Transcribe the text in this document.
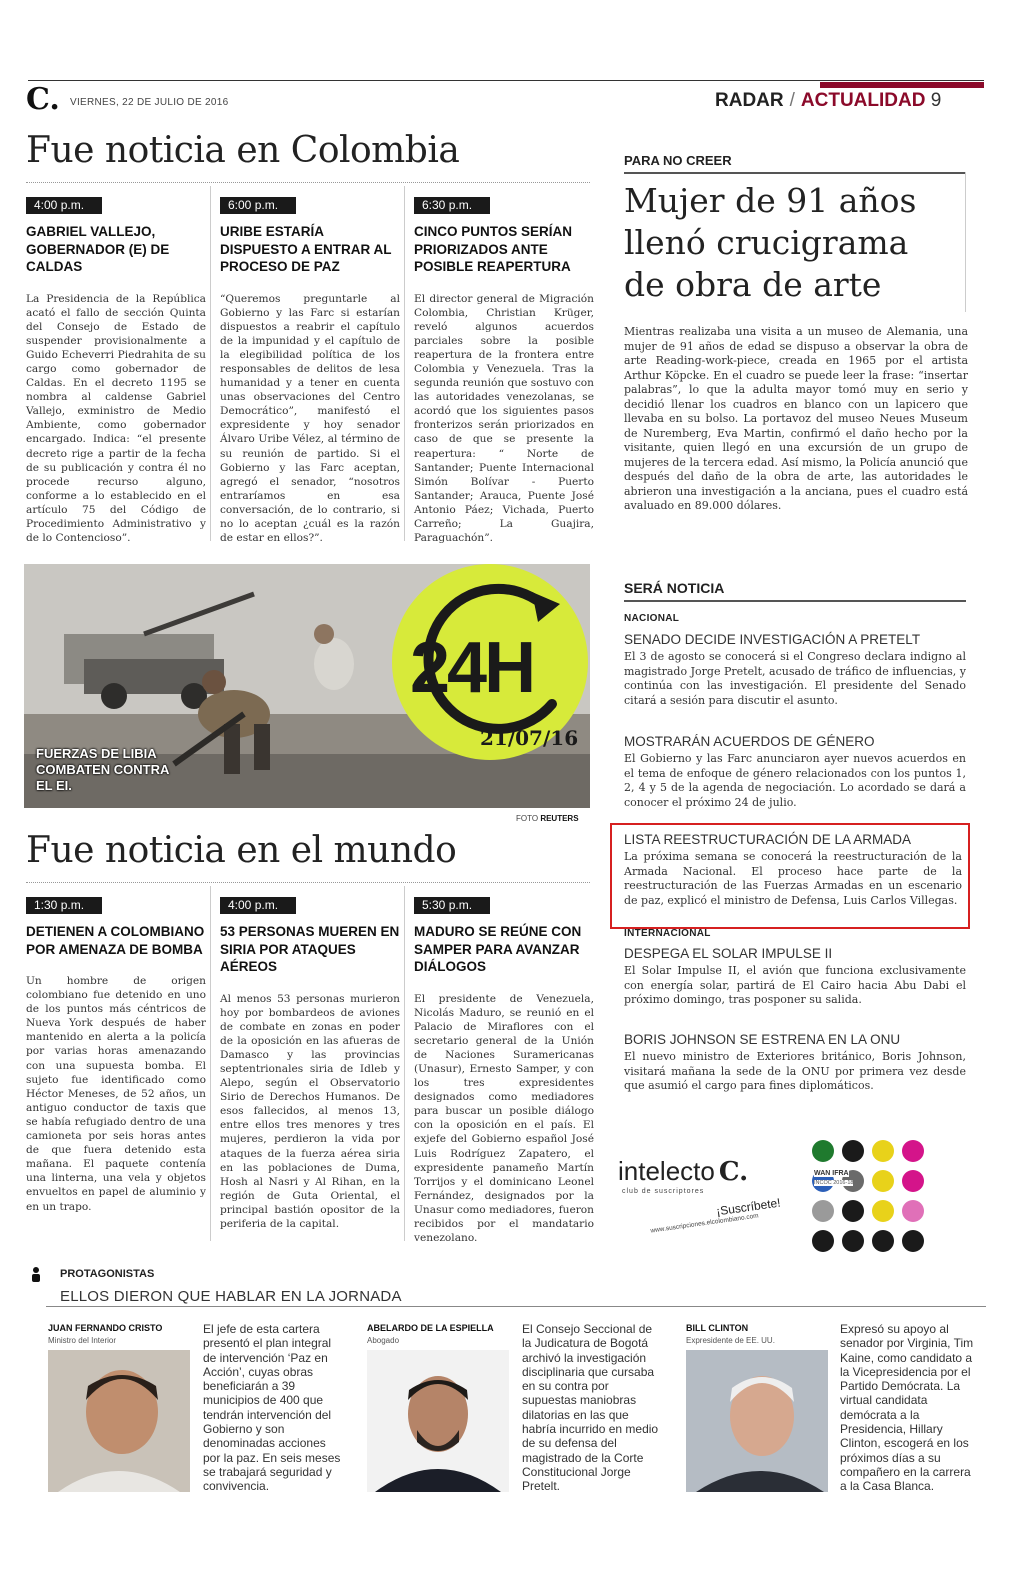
C. VIERNES, 22 DE JULIO DE 2016	RADAR / ACTUALIDAD 9
Fue noticia en Colombia
4:00 p.m.
GABRIEL VALLEJO, GOBERNADOR (E) DE CALDAS
La Presidencia de la República acató el fallo de sección Quinta del Consejo de Estado de suspender provisionalmente a Guido Echeverri Piedrahita de su cargo como gobernador de Caldas. En el decreto 1195 se nombra al caldense Gabriel Vallejo, exministro de Medio Ambiente, como gobernador encargado. Indica: “el presente decreto rige a partir de la fecha de su publicación y contra él no procede recurso alguno, conforme a lo establecido en el artículo 75 del Código de Procedimiento Administrativo y de lo Contencioso”.
6:00 p.m.
URIBE ESTARÍA DISPUESTO A ENTRAR AL PROCESO DE PAZ
“Queremos preguntarle al Gobierno y las Farc si estarían dispuestos a reabrir el capítulo de la impunidad y el capítulo de la elegibilidad política de los responsables de delitos de lesa humanidad y a tener en cuenta unas observaciones del Centro Democrático”, manifestó el expresidente y hoy senador Álvaro Uribe Vélez, al término de su reunión de partido. Si el Gobierno y las Farc aceptan, agregó el senador, “nosotros entraríamos en esa conversación, de lo contrario, si no lo aceptan ¿cuál es la razón de estar en ellos?”.
6:30 p.m.
CINCO PUNTOS SERÍAN PRIORIZADOS ANTE POSIBLE REAPERTURA
El director general de Migración Colombia, Christian Krüger, reveló algunos acuerdos parciales sobre la posible reapertura de la frontera entre Colombia y Venezuela. Tras la segunda reunión que sostuvo con las autoridades venezolanas, se acordó que los siguientes pasos fronterizos serán priorizados en caso de que se presente la reapertura: “ Norte de Santander; Puente Internacional Simón Bolívar - Puerto Santander; Arauca, Puente José Antonio Páez; Vichada, Puerto Carreño; La Guajira, Paraguachón”.
PARA NO CREER
Mujer de 91 años llenó crucigrama de obra de arte
Mientras realizaba una visita a un museo de Alemania, una mujer de 91 años de edad se dispuso a observar la obra de arte Reading-work-piece, creada en 1965 por el artista Arthur Köpcke. En el cuadro se puede leer la frase: “insertar palabras”, lo que la adulta mayor tomó muy en serio y decidió llenar los cuadros en blanco con un lapicero que llevaba en su bolso. La portavoz del museo Neues Museum de Nuremberg, Eva Martin, confirmó el daño hecho por la visitante, quien llegó en una excursión de un grupo de mujeres de la tercera edad. Así mismo, la Policía anunció que después del daño de la obra de arte, las autoridades le abrieron una investigación a la anciana, pues el cuadro está avaluado en 89.000 dólares.
24H
21/07/16
FUERZAS DE LIBIA COMBATEN CONTRA EL EI.
FOTO REUTERS
SERÁ NOTICIA
NACIONAL
SENADO DECIDE INVESTIGACIÓN A PRETELT
El 3 de agosto se conocerá si el Congreso declara indigno al magistrado Jorge Pretelt, acusado de tráfico de influencias, y continúa con las investigación. El presidente del Senado citará a sesión para discutir el asunto.
MOSTRARÁN ACUERDOS DE GÉNERO
El Gobierno y las Farc anunciaron ayer nuevos acuerdos en el tema de enfoque de género relacionados con los puntos 1, 2, 4 y 5 de la agenda de negociación. Lo acordado se dará a conocer el próximo 24 de julio.
LISTA REESTRUCTURACIÓN DE LA ARMADA
La próxima semana se conocerá la reestructuración de la Armada Nacional. El proceso hace parte de la reestructuración de las Fuerzas Armadas en un escenario de paz, explicó el ministro de Defensa, Luis Carlos Villegas.
INTERNACIONAL
DESPEGA EL SOLAR IMPULSE II
El Solar Impulse II, el avión que funciona exclusivamente con energía solar, partirá de El Cairo hacia Abu Dabi el próximo domingo, tras posponer su salida.
BORIS JOHNSON SE ESTRENA EN LA ONU
El nuevo ministro de Exteriores británico, Boris Johnson, visitará mañana la sede de la ONU por primera vez desde que asumió el cargo para fines diplomáticos.
Fue noticia en el mundo
1:30 p.m.
DETIENEN A COLOMBIANO POR AMENAZA DE BOMBA
Un hombre de origen colombiano fue detenido en uno de los puntos más céntricos de Nueva York después de haber mantenido en alerta a la policía por varias horas amenazando con una supuesta bomba. El sujeto fue identificado como Héctor Meneses, de 52 años, un antiguo conductor de taxis que se había refugiado dentro de una camioneta por seis horas antes de que fuera detenido esta mañana. El paquete contenía una linterna, una vela y objetos envueltos en papel de aluminio y en un trapo.
4:00 p.m.
53 PERSONAS MUEREN EN SIRIA POR ATAQUES AÉREOS
Al menos 53 personas murieron hoy por bombardeos de aviones de combate en zonas en poder de la oposición en las afueras de Damasco y las provincias septentrionales siria de Idleb y Alepo, según el Observatorio Sirio de Derechos Humanos. De esos fallecidos, al menos 13, entre ellos tres menores y tres mujeres, perdieron la vida por ataques de la fuerza aérea siria en las poblaciones de Duma, Hosh al Nasri y Al Rihan, en la región de Guta Oriental, el principal bastión opositor de la periferia de la capital.
5:30 p.m.
MADURO SE REÚNE CON SAMPER PARA AVANZAR DIÁLOGOS
El presidente de Venezuela, Nicolás Maduro, se reunió en el Palacio de Miraflores con el secretario general de la Unión de Naciones Suramericanas (Unasur), Ernesto Samper, y con los tres expresidentes designados como mediadores para buscar un posible diálogo con la oposición en el país. El exjefe del Gobierno español José Luis Rodríguez Zapatero, el expresidente panameño Martín Torrijos y el dominicano Leonel Fernández, designados por la Unasur como mediadores, fueron recibidos por el mandatario venezolano.
intelecto C.
club de suscriptores
¡Suscríbete!
www.suscripciones.elcolombiano.com
WAN IFRA
INCOC 2016-18
PROTAGONISTAS
ELLOS DIERON QUE HABLAR EN LA JORNADA
JUAN FERNANDO CRISTO
Ministro del Interior
El jefe de esta cartera presentó el plan integral de intervención ‘Paz en Acción’, cuyas obras beneficiarán a 39 municipios de 400 que tendrán intervención del Gobierno y son denominadas acciones por la paz. En seis meses se trabajará seguridad y convivencia.
ABELARDO DE LA ESPIELLA
Abogado
El Consejo Seccional de la Judicatura de Bogotá archivó la investigación disciplinaria que cursaba en su contra por supuestas maniobras dilatorias en las que habría incurrido en medio de su defensa del magistrado de la Corte Constitucional Jorge Pretelt.
BILL CLINTON
Expresidente de EE. UU.
Expresó su apoyo al senador por Virginia, Tim Kaine, como candidato a la Vicepresidencia por el Partido Demócrata. La virtual candidata demócrata a la Presidencia, Hillary Clinton, escogerá en los próximos días a su compañero en la carrera a la Casa Blanca.
